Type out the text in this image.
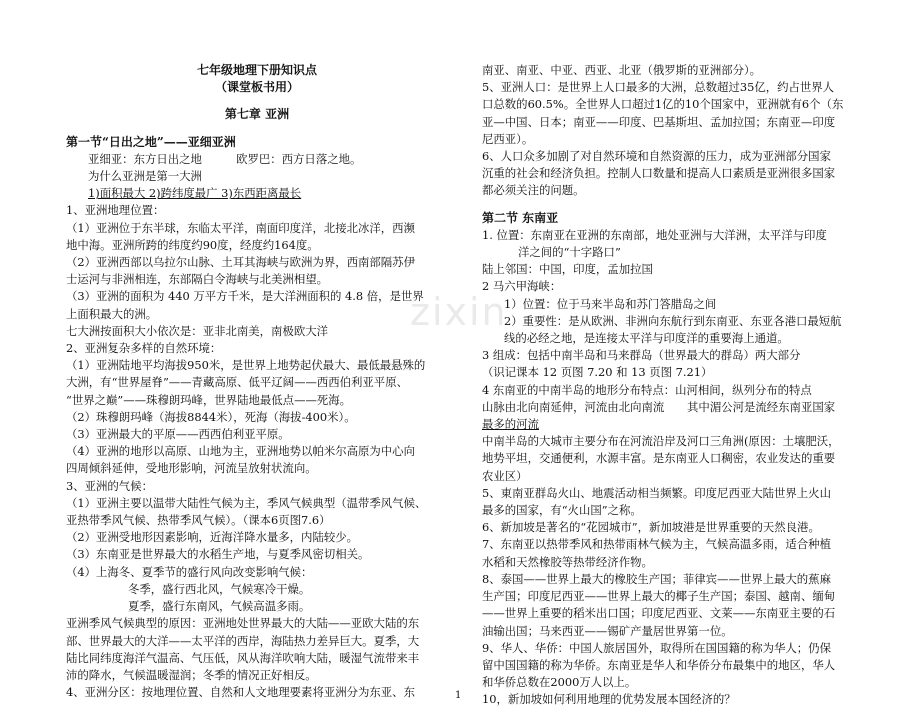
zixin

七年级地理下册知识点

（课堂板书用）

第七章 亚洲

第一节“日出之地”——亚细亚洲

亚细亚：东方日出之地　　　欧罗巴：西方日落之地。

为什么亚洲是第一大洲

1)面积最大 2)跨纬度最广 3)东西距离最长

1、亚洲地理位置：

（1）亚洲位于东半球，东临太平洋，南面印度洋，北接北冰洋，西濒

地中海。亚洲所跨的纬度约90度，经度约164度。

（2）亚洲西部以乌拉尔山脉、土耳其海峡与欧洲为界，西南部隔苏伊

士运河与非洲相连，东部隔白令海峡与北美洲相望。

（3）亚洲的面积为 440 万平方千米，是大洋洲面积的 4.8 倍，是世界

上面积最大的洲。

七大洲按面积大小依次是：亚非北南美，南极欧大洋

2、亚洲复杂多样的自然环境：

（1）亚洲陆地平均海拔950米，是世界上地势起伏最大、最低最悬殊的

大洲，有“世界屋脊”——青藏高原、低平辽阔——西西伯利亚平原、

“世界之巅”——珠穆朗玛峰，世界陆地最低点——死海。

（2）珠穆朗玛峰（海拔8844米），死海（海拔-400米）。

（3）亚洲最大的平原——西西伯利亚平原。

（4）亚洲的地形以高原、山地为主，亚洲地势以帕米尔高原为中心向

四周倾斜延伸，受地形影响，河流呈放射状流向。

3、亚洲的气候：

（1）亚洲主要以温带大陆性气候为主，季风气候典型（温带季风气候、

亚热带季风气候、热带季风气候）。（课本6页图7.6）

（2）亚洲受地形因素影响，近海洋降水量多，内陆较少。

（3）东南亚是世界最大的水稻生产地，与夏季风密切相关。

（4）上海冬、夏季节的盛行风向改变影响气候：

冬季，盛行西北风，气候寒冷干燥。

夏季，盛行东南风，气候高温多雨。

亚洲季风气候典型的原因：亚洲地处世界最大的大陆——亚欧大陆的东

部、世界最大的大洋——太平洋的西岸，海陆热力差异巨大。夏季，大

陆比同纬度海洋气温高、气压低，风从海洋吹响大陆，暖湿气流带来丰

沛的降水，气候温暖湿润；冬季的情况正好相反。

4、亚洲分区：按地理位置、自然和人文地理要素将亚洲分为东亚、东

南亚、南亚、中亚、西亚、北亚（俄罗斯的亚洲部分）。

5、亚洲人口：是世界上人口最多的大洲，总数超过35亿，约占世界人

口总数的60.5%。全世界人口超过1亿的10个国家中，亚洲就有6个（东

亚—中国、日本；南亚——印度、巴基斯坦、孟加拉国；东南亚—印度

尼西亚）。

6、人口众多加剧了对自然环境和自然资源的压力，成为亚洲部分国家

沉重的社会和经济负担。控制人口数量和提高人口素质是亚洲很多国家

都必须关注的问题。

第二节 东南亚

1. 位置：东南亚在亚洲的东南部，地处亚洲与大洋洲，太平洋与印度

洋之间的“十字路口”

陆上邻国：中国，印度，孟加拉国

2 马六甲海峡：

1）位置：位于马来半岛和苏门答腊岛之间

2）重要性：是从欧洲、非洲向东航行到东南亚、东亚各港口最短航

线的必经之地，是连接太平洋与印度洋的重要海上通道。

3 组成：包括中南半岛和马来群岛（世界最大的群岛）两大部分

（识记课本 12 页图 7.20 和 13 页图 7.21）

4 东南亚的中南半岛的地形分布特点：山河相间，纵列分布的特点

山脉由北向南延伸，河流由北向南流　　其中湄公河是流经东南亚国家

最多的河流

中南半岛的大城市主要分布在河流沿岸及河口三角洲(原因：土壤肥沃，

地势平坦，交通便利，水源丰富。是东南亚人口稠密，农业发达的重要

农业区）

5、東南亚群岛火山、地震活动相当频繁。印度尼西亚大陆世界上火山

最多的国家，有“火山国”之称。

6、新加坡是著名的“花园城市”，新加坡港是世界重要的天然良港。

7、东南亚以热带季风和热带雨林气候为主，气候高温多雨，适合种植

水稻和天然橡胶等热带经济作物。

8、泰国——世界上最大的橡胶生产国；菲律宾——世界上最大的蕉麻

生产国；印度尼西亚——世界上最大的椰子生产国；泰国、越南、缅甸

——世界上重要的稻米出口国；印度尼西亚、文莱——东南亚主要的石

油输出国；马来西亚——锡矿产量居世界第一位。

9、华人、华侨：中国人旅居国外，取得所在国国籍的称为华人；仍保

留中国国籍的称为华侨。东南亚是华人和华侨分布最集中的地区，华人

和华侨总数在2000万人以上。

10，新加坡如何利用地理的优势发展本国经济的？

1
